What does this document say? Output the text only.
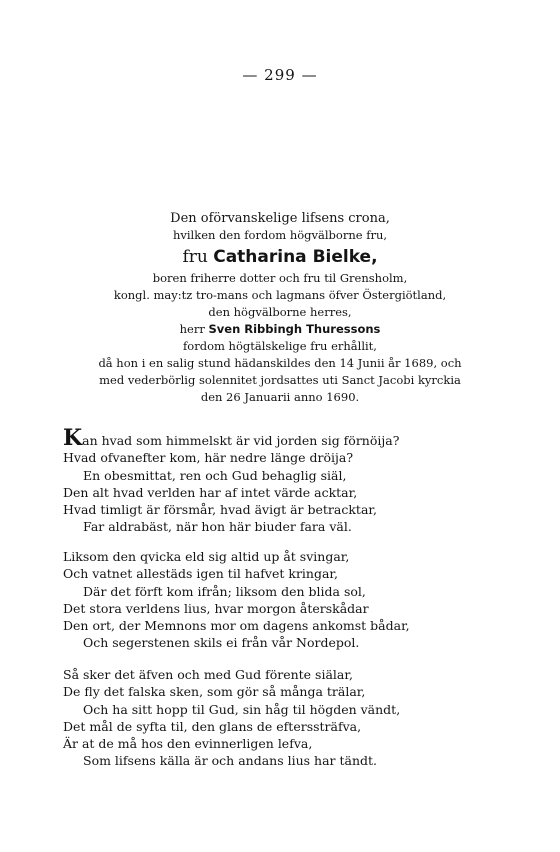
— 299 —
Den oförvanskelige lifsens crona,
hvilken den fordom högvälborne fru,
fru Catharina Bielke,
boren friherre dotter och fru til Grensholm,
kongl. may:tz tro-mans och lagmans öfver Östergiötland,
den högvälborne herres,
herr Sven Ribbingh Thuressons
fordom högtälskelige fru erhållit,
då hon i en salig stund hädanskildes den 14 Junii år 1689, och
med vederbörlig solennitet jordsattes uti Sanct Jacobi kyrckia
den 26 Januarii anno 1690.
Kan hvad som himmelskt är vid jorden sig förnöija?
Hvad ofvanefter kom, här nedre länge dröija?
En obesmittat, ren och Gud behaglig siäl,
Den alt hvad verlden har af intet värde acktar,
Hvad timligt är försmår, hvad ävigt är betracktar,
Far aldrabäst, när hon här biuder fara väl.
Liksom den qvicka eld sig altid up åt svingar,
Och vatnet allestäds igen til hafvet kringar,
Där det förft kom ifrån; liksom den blida sol,
Det stora verldens lius, hvar morgon återskådar
Den ort, der Memnons mor om dagens ankomst bådar,
Och segerstenen skils ei från vår Nordepol.
Så sker det äfven och med Gud förente siälar,
De fly det falska sken, som gör så många trälar,
Och ha sitt hopp til Gud, sin håg til högden vändt,
Det mål de syfta til, den glans de efterssträfva,
Är at de må hos den evinnerligen lefva,
Som lifsens källa är och andans lius har tändt.
